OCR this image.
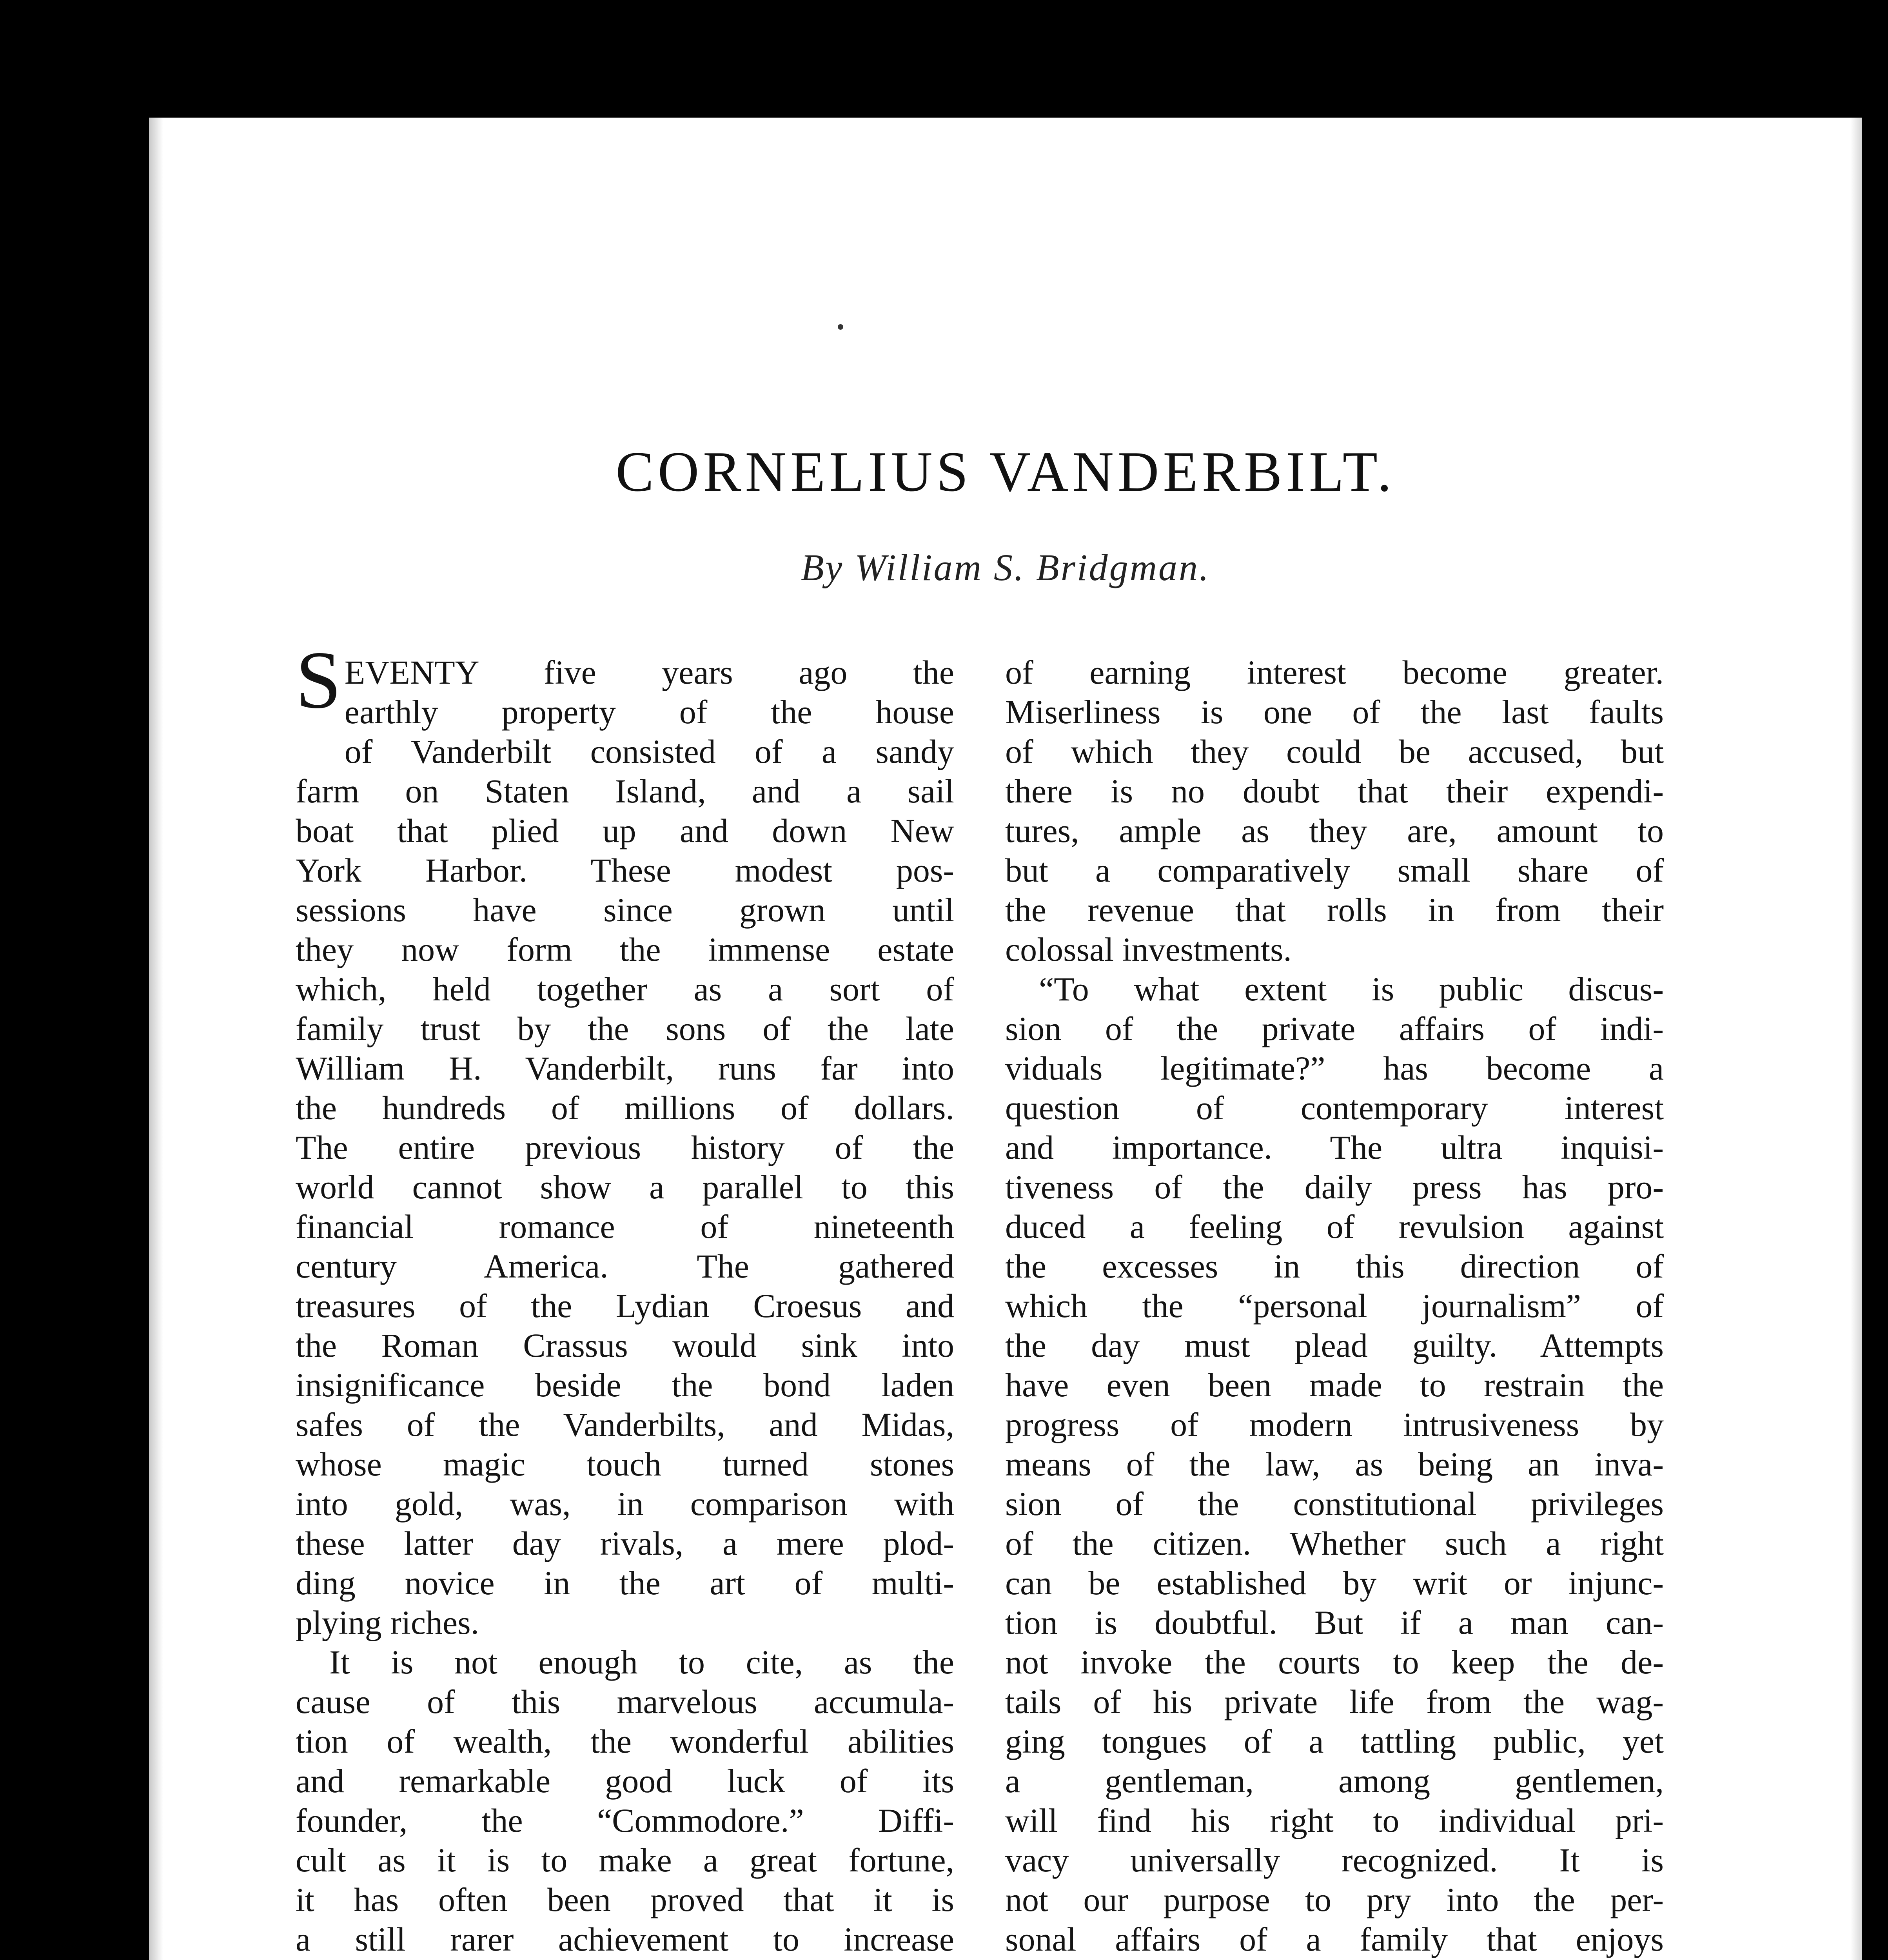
CORNELIUS VANDERBILT.

By William S. Bridgman.

S EVENTY five years ago the
earthly property of the house
of Vanderbilt consisted of a sandy
farm on Staten Island, and a sail
boat that plied up and down New
York Harbor. These modest pos-
sessions have since grown until
they now form the immense estate
which, held together as a sort of
family trust by the sons of the late
William H. Vanderbilt, runs far into
the hundreds of millions of dollars.
The entire previous history of the
world cannot show a parallel to this
financial romance of nineteenth
century America. The gathered
treasures of the Lydian Croesus and
the Roman Crassus would sink into
insignificance beside the bond laden
safes of the Vanderbilts, and Midas,
whose magic touch turned stones
into gold, was, in comparison with
these latter day rivals, a mere plod-
ding novice in the art of multi-
plying riches.
It is not enough to cite, as the
cause of this marvelous accumula-
tion of wealth, the wonderful abilities
and remarkable good luck of its
founder, the “Commodore.” Diffi-
cult as it is to make a great fortune,
it has often been proved that it is
a still rarer achievement to increase
of earning interest become greater.
Miserliness is one of the last faults
of which they could be accused, but
there is no doubt that their expendi-
tures, ample as they are, amount to
but a comparatively small share of
the revenue that rolls in from their
colossal investments.
“To what extent is public discus-
sion of the private affairs of indi-
viduals legitimate?” has become a
question of contemporary interest
and importance. The ultra inquisi-
tiveness of the daily press has pro-
duced a feeling of revulsion against
the excesses in this direction of
which the “personal journalism” of
the day must plead guilty. Attempts
have even been made to restrain the
progress of modern intrusiveness by
means of the law, as being an inva-
sion of the constitutional privileges
of the citizen. Whether such a right
can be established by writ or injunc-
tion is doubtful. But if a man can-
not invoke the courts to keep the de-
tails of his private life from the wag-
ging tongues of a tattling public, yet
a gentleman, among gentlemen,
will find his right to individual pri-
vacy universally recognized. It is
not our purpose to pry into the per-
sonal affairs of a family that enjoys
